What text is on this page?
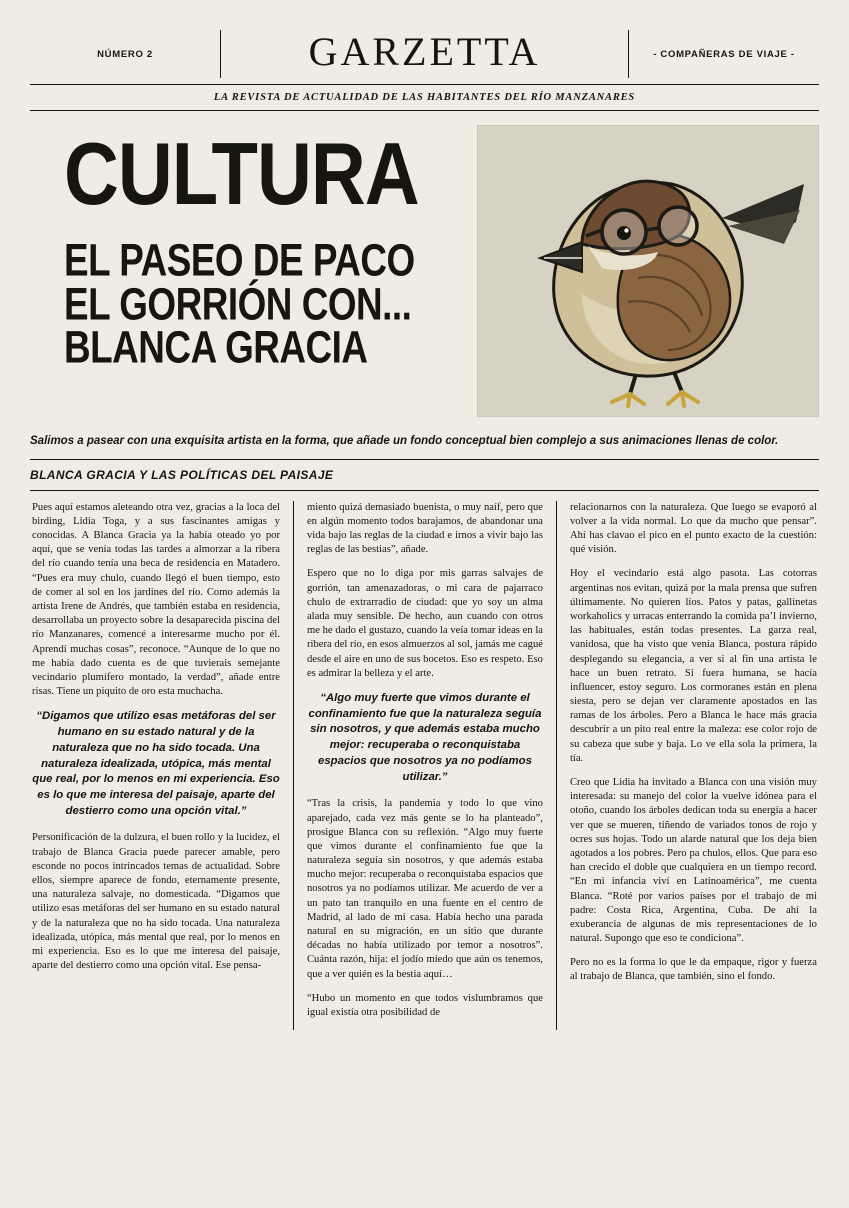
NÚMERO 2	GARZETTA	- COMPAÑERAS DE VIAJE -
LA REVISTA DE ACTUALIDAD DE LAS HABITANTES DEL RÍO MANZANARES
CULTURA
EL PASEO DE PACO
EL GORRIÓN CON...
BLANCA GRACIA
Salimos a pasear con una exquisita artista en la forma, que añade un fondo conceptual bien complejo a sus animaciones llenas de color.
BLANCA GRACIA Y LAS POLÍTICAS DEL PAISAJE

Pues aquí estamos aleteando otra vez, gracias a la loca del birding, Lidia Toga, y a sus fascinantes amigas y conocidas. A Blanca Gracia ya la había oteado yo por aquí, que se venía todas las tardes a almorzar a la ribera del río cuando tenía una beca de residencia en Matadero. “Pues era muy chulo, cuando llegó el buen tiempo, esto de comer al sol en los jardines del río. Como además la artista Irene de Andrés, que también estaba en residencia, desarrollaba un proyecto sobre la desaparecida piscina del río Manzanares, comencé a interesarme mucho por él. Aprendí muchas cosas”, reconoce. “Aunque de lo que no me había dado cuenta es de que tuvierais semejante vecindario plumífero montado, la verdad”, añade entre risas. Tiene un piquito de oro esta muchacha.

“Digamos que utilizo esas metáforas del ser humano en su estado natural y de la naturaleza que no ha sido tocada. Una naturaleza idealizada, utópica, más mental que real, por lo menos en mi experiencia. Eso es lo que me interesa del paisaje, aparte del destierro como una opción vital.”

Personificación de la dulzura, el buen rollo y la lucidez, el trabajo de Blanca Gracia puede parecer amable, pero esconde no pocos intrincados temas de actualidad. Sobre ellos, siempre aparece de fondo, eternamente presente, una naturaleza salvaje, no domesticada. “Digamos que utilizo esas metáforas del ser humano en su estado natural y de la naturaleza que no ha sido tocada. Una naturaleza idealizada, utópica, más mental que real, por lo menos en mi experiencia. Eso es lo que me interesa del paisaje, aparte del destierro como una opción vital. Ese pensa-

miento quizá demasiado buenista, o muy naíf, pero que en algún momento todos barajamos, de abandonar una vida bajo las reglas de la ciudad e irnos a vivir bajo las reglas de las bestias”, añade.

Espero que no lo diga por mis garras salvajes de gorrión, tan amenazadoras, o mi cara de pajarraco chulo de extrarradio de ciudad: que yo soy un alma alada muy sensible. De hecho, aun cuando con otros me he dado el gustazo, cuando la veía tomar ideas en la ribera del río, en esos almuerzos al sol, jamás me cagué desde el aire en uno de sus bocetos. Eso es respeto. Eso es admirar la belleza y el arte.

“Algo muy fuerte que vimos durante el confinamiento fue que la naturaleza seguía sin nosotros, y que además estaba mucho mejor: recuperaba o reconquistaba espacios que nosotros ya no podíamos utilizar.”

“Tras la crisis, la pandemia y todo lo que vino aparejado, cada vez más gente se lo ha planteado”, prosigue Blanca con su reflexión. “Algo muy fuerte que vimos durante el confinamiento fue que la naturaleza seguía sin nosotros, y que además estaba mucho mejor: recuperaba o reconquistaba espacios que nosotros ya no podíamos utilizar. Me acuerdo de ver a un pato tan tranquilo en una fuente en el centro de Madrid, al lado de mi casa. Había hecho una parada natural en su migración, en un sitio que durante décadas no había utilizado por temor a nosotros”. Cuánta razón, hija: el jodío miedo que aún os tenemos, que a ver quién es la bestia aquí…

“Hubo un momento en que todos vislumbramos que igual existía otra posibilidad de

relacionarnos con la naturaleza. Que luego se evaporó al volver a la vida normal. Lo que da mucho que pensar”. Ahí has clavao el pico en el punto exacto de la cuestión: qué visión.

Hoy el vecindario está algo pasota. Las cotorras argentinas nos evitan, quizá por la mala prensa que sufren últimamente. No quieren líos. Patos y patas, gallinetas workaholics y urracas enterrando la comida pa’l invierno, las habituales, están todas presentes. La garza real, vanidosa, que ha visto que venía Blanca, postura rápido desplegando su elegancia, a ver si al fin una artista le hace un buen retrato. Si fuera humana, se hacía influencer, estoy seguro. Los cormoranes están en plena siesta, pero se dejan ver claramente apostados en las ramas de los árboles. Pero a Blanca le hace más gracia descubrir a un pito real entre la maleza: ese color rojo de su cabeza que sube y baja. Lo ve ella sola la primera, la tía.

Creo que Lidia ha invitado a Blanca con una visión muy interesada: su manejo del color la vuelve idónea para el otoño, cuando los árboles dedican toda su energía a hacer ver que se mueren, tiñendo de variados tonos de rojo y ocres sus hojas. Todo un alarde natural que los deja bien agotados a los pobres. Pero pa chulos, ellos. Que para eso han crecido el doble que cualquiera en un tiempo record. “En mi infancia viví en Latinoamérica”, me cuenta Blanca. “Roté por varios países por el trabajo de mi padre: Costa Rica, Argentina, Cuba. De ahí la exuberancia de algunas de mis representaciones de lo natural. Supongo que eso te condiciona”.

Pero no es la forma lo que le da empaque, rigor y fuerza al trabajo de Blanca, que también, sino el fondo.
